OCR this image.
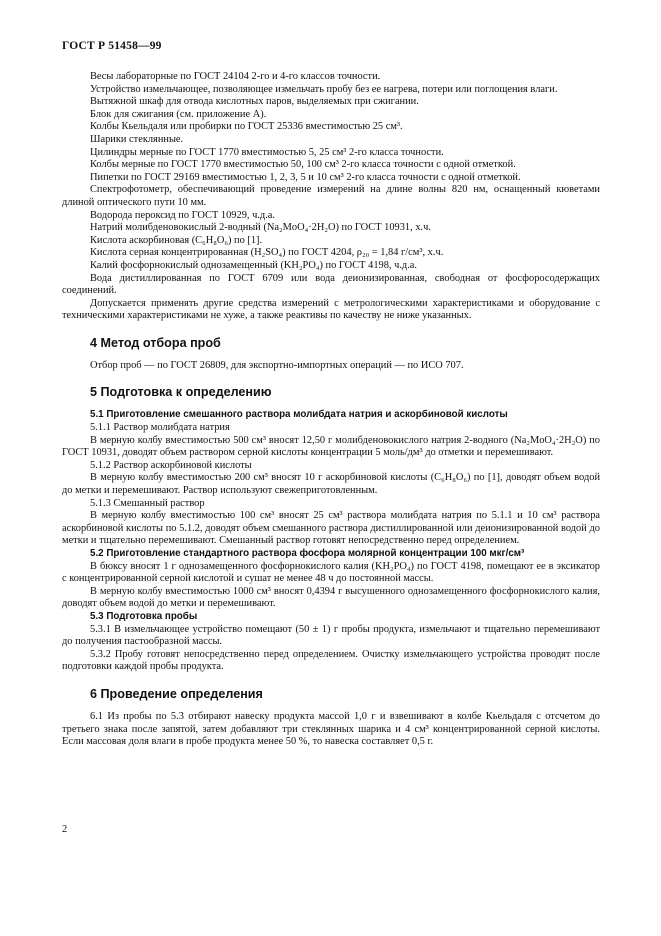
ГОСТ Р 51458—99

Весы лабораторные по ГОСТ 24104 2-го и 4-го классов точности.

Устройство измельчающее, позволяющее измельчать пробу без ее нагрева, потери или поглощения влаги.

Вытяжной шкаф для отвода кислотных паров, выделяемых при сжигании.

Блок для сжигания (см. приложение А).

Колбы Кьельдаля или пробирки по ГОСТ 25336 вместимостью 25 см³.

Шарики стеклянные.

Цилиндры мерные по ГОСТ 1770 вместимостью 5, 25 см³ 2-го класса точности.

Колбы мерные по ГОСТ 1770 вместимостью 50, 100 см³ 2-го класса точности с одной отметкой.

Пипетки по ГОСТ 29169 вместимостью 1, 2, 3, 5 и 10 см³ 2-го класса точности с одной отметкой.

Спектрофотометр, обеспечивающий проведение измерений на длине волны 820 нм, оснащенный кюветами длиной оптического пути 10 мм.

Водорода пероксид по ГОСТ 10929, ч.д.а.

Натрий молибденовокислый 2-водный (Na₂MoO₄·2H₂O) по ГОСТ 10931, х.ч.

Кислота аскорбиновая (C₆H₈O₆) по [1].

Кислота серная концентрированная (H₂SO₄) по ГОСТ 4204, ρ₂₀ = 1,84 г/см³, х.ч.

Калий фосфорнокислый однозамещенный (KH₂PO₄) по ГОСТ 4198, ч.д.а.

Вода дистиллированная по ГОСТ 6709 или вода деионизированная, свободная от фосфоросодержащих соединений.

Допускается применять другие средства измерений с метрологическими характеристиками и оборудование с техническими характеристиками не хуже, а также реактивы по качеству не ниже указанных.

4 Метод отбора проб

Отбор проб — по ГОСТ 26809, для экспортно-импортных операций — по ИСО 707.

5 Подготовка к определению

5.1 Приготовление смешанного раствора молибдата натрия и аскорбиновой кислоты

5.1.1 Раствор молибдата натрия

В мерную колбу вместимостью 500 см³ вносят 12,50 г молибденовокислого натрия 2-водного (Na₂MoO₄·2H₂O) по ГОСТ 10931, доводят объем раствором серной кислоты концентрации 5 моль/дм³ до отметки и перемешивают.

5.1.2 Раствор аскорбиновой кислоты

В мерную колбу вместимостью 200 см³ вносят 10 г аскорбиновой кислоты (C₆H₈O₆) по [1], доводят объем водой до метки и перемешивают. Раствор используют свежеприготовленным.

5.1.3 Смешанный раствор

В мерную колбу вместимостью 100 см³ вносят 25 см³ раствора молибдата натрия по 5.1.1 и 10 см³ раствора аскорбиновой кислоты по 5.1.2, доводят объем смешанного раствора дистиллированной или деионизированной водой до метки и тщательно перемешивают. Смешанный раствор готовят непосредственно перед определением.

5.2 Приготовление стандартного раствора фосфора молярной концентрации 100 мкг/см³

В бюксу вносят 1 г однозамещенного фосфорнокислого калия (KH₂PO₄) по ГОСТ 4198, помещают ее в эксикатор с концентрированной серной кислотой и сушат не менее 48 ч до постоянной массы.

В мерную колбу вместимостью 1000 см³ вносят 0,4394 г высушенного однозамещенного фосфорнокислого калия, доводят объем водой до метки и перемешивают.

5.3 Подготовка пробы

5.3.1 В измельчающее устройство помещают (50 ± 1) г пробы продукта, измельчают и тщательно перемешивают до получения пастообразной массы.

5.3.2 Пробу готовят непосредственно перед определением. Очистку измельчающего устройства проводят после подготовки каждой пробы продукта.

6 Проведение определения

6.1 Из пробы по 5.3 отбирают навеску продукта массой 1,0 г и взвешивают в колбе Кьельдаля с отсчетом до третьего знака после запятой, затем добавляют три стеклянных шарика и 4 см³ концентрированной серной кислоты. Если массовая доля влаги в пробе продукта менее 50 %, то навеска составляет 0,5 г.

2
